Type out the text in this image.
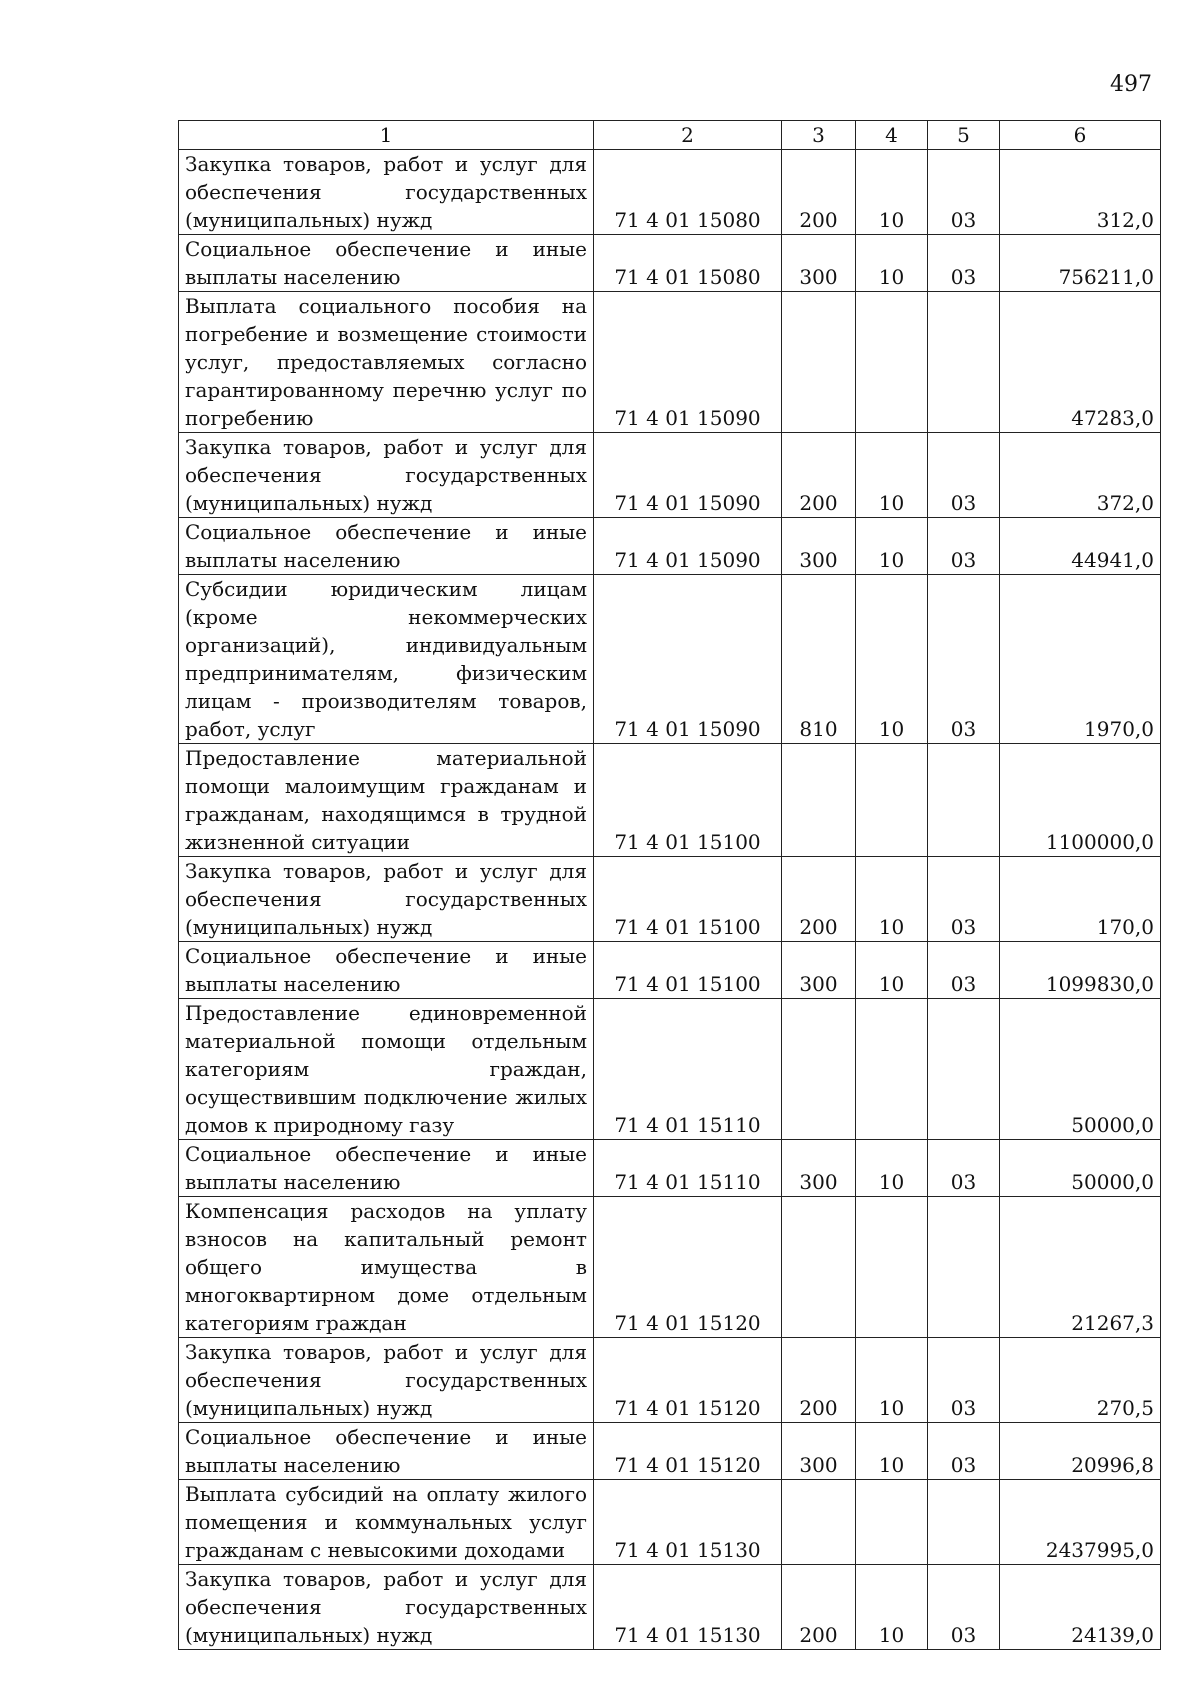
497
1	2	3	4	5	6
Закупка товаров, работ и услуг для обеспечения государственных (муниципальных) нужд	71 4 01 15080	200	10	03	312,0
Социальное обеспечение и иные выплаты населению	71 4 01 15080	300	10	03	756211,0
Выплата социального пособия на погребение и возмещение стоимости услуг, предоставляемых согласно гарантированному перечню услуг по погребению	71 4 01 15090				47283,0
Закупка товаров, работ и услуг для обеспечения государственных (муниципальных) нужд	71 4 01 15090	200	10	03	372,0
Социальное обеспечение и иные выплаты населению	71 4 01 15090	300	10	03	44941,0
Субсидии юридическим лицам (кроме некоммерческих организаций), индивидуальным предпринимателям, физическим лицам - производителям товаров, работ, услуг	71 4 01 15090	810	10	03	1970,0
Предоставление материальной помощи малоимущим гражданам и гражданам, находящимся в трудной жизненной ситуации	71 4 01 15100				1100000,0
Закупка товаров, работ и услуг для обеспечения государственных (муниципальных) нужд	71 4 01 15100	200	10	03	170,0
Социальное обеспечение и иные выплаты населению	71 4 01 15100	300	10	03	1099830,0
Предоставление единовременной материальной помощи отдельным категориям граждан, осуществившим подключение жилых домов к природному газу	71 4 01 15110				50000,0
Социальное обеспечение и иные выплаты населению	71 4 01 15110	300	10	03	50000,0
Компенсация расходов на уплату взносов на капитальный ремонт общего имущества в многоквартирном доме отдельным категориям граждан	71 4 01 15120				21267,3
Закупка товаров, работ и услуг для обеспечения государственных (муниципальных) нужд	71 4 01 15120	200	10	03	270,5
Социальное обеспечение и иные выплаты населению	71 4 01 15120	300	10	03	20996,8
Выплата субсидий на оплату жилого помещения и коммунальных услуг гражданам с невысокими доходами	71 4 01 15130				2437995,0
Закупка товаров, работ и услуг для обеспечения государственных (муниципальных) нужд	71 4 01 15130	200	10	03	24139,0
